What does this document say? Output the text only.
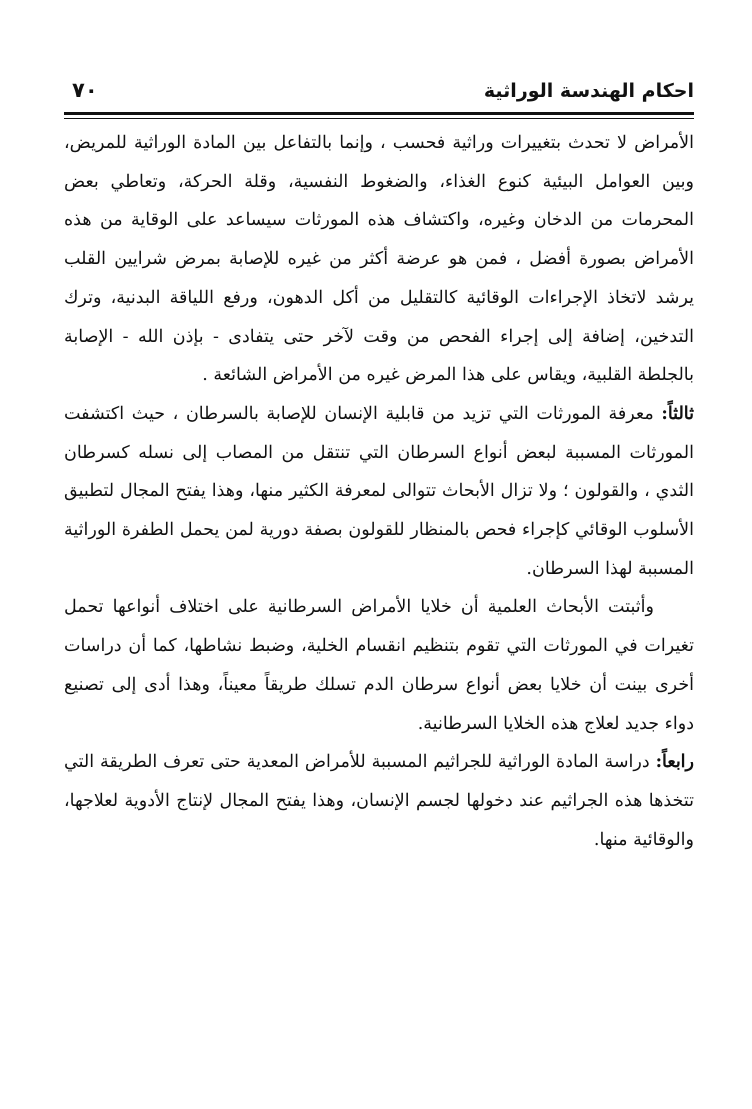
احكام الهندسة الوراثية
٧٠

الأمراض لا تحدث بتغييرات وراثية فحسب ، وإنما بالتفاعل بين المادة الوراثية للمريض، وبين العوامل البيئية كنوع الغذاء، والضغوط النفسية، وقلة الحركة، وتعاطي بعض المحرمات من الدخان وغيره، واكتشاف هذه المورثات سيساعد على الوقاية من هذه الأمراض بصورة أفضل ، فمن هو عرضة أكثر من غيره للإصابة بمرض شرايين القلب يرشد لاتخاذ الإجراءات الوقائية كالتقليل من أكل الدهون، ورفع اللياقة البدنية، وترك التدخين، إضافة إلى إجراء الفحص من وقت لآخر حتى يتفادى - بإذن الله - الإصابة بالجلطة القلبية، ويقاس على هذا المرض غيره من الأمراض الشائعة .

ثالثاً: معرفة المورثات التي تزيد من قابلية الإنسان للإصابة بالسرطان ، حيث اكتشفت المورثات المسببة لبعض أنواع السرطان التي تنتقل من المصاب إلى نسله كسرطان الثدي ، والقولون ؛ ولا تزال الأبحاث تتوالى لمعرفة الكثير منها، وهذا يفتح المجال لتطبيق الأسلوب الوقائي كإجراء فحص بالمنظار للقولون بصفة دورية لمن يحمل الطفرة الوراثية المسببة لهذا السرطان.

وأثبتت الأبحاث العلمية أن خلايا الأمراض السرطانية على اختلاف أنواعها تحمل تغيرات في المورثات التي تقوم بتنظيم انقسام الخلية، وضبط نشاطها، كما أن دراسات أخرى بينت أن خلايا بعض أنواع سرطان الدم تسلك طريقاً معيناً، وهذا أدى إلى تصنيع دواء جديد لعلاج هذه الخلايا السرطانية.

رابعاً: دراسة المادة الوراثية للجراثيم المسببة للأمراض المعدية حتى تعرف الطريقة التي تتخذها هذه الجراثيم عند دخولها لجسم الإنسان، وهذا يفتح المجال لإنتاج الأدوية لعلاجها، والوقائية منها.
